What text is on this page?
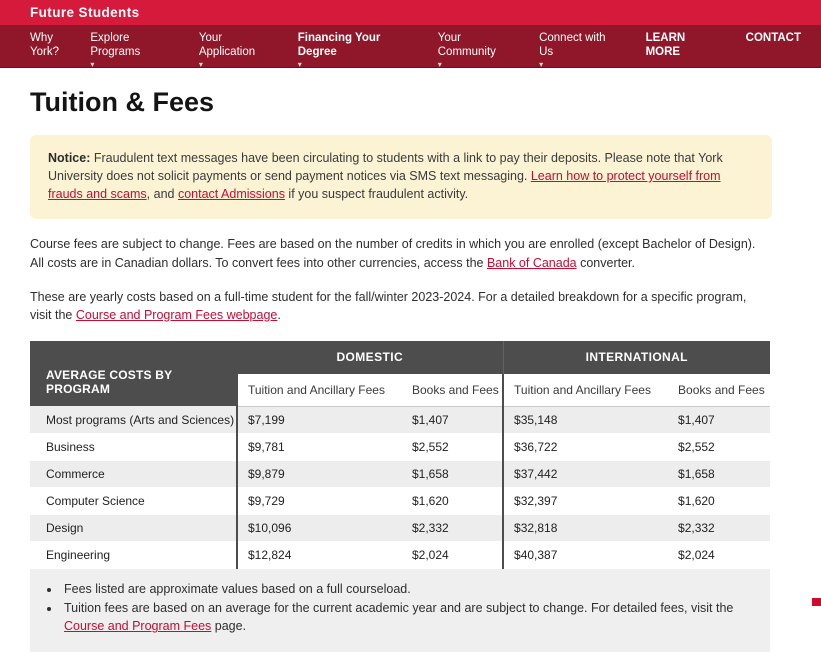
Future Students
Why York?
Explore Programs
▾
Your Application
▾
Financing Your Degree
▾
Your Community
▾
Connect with Us
▾
LEARN MORE
CONTACT
Tuition & Fees
Notice: Fraudulent text messages have been circulating to students with a link to pay their deposits. Please note that York University does not solicit payments or send payment notices via SMS text messaging. Learn how to protect yourself from frauds and scams, and contact Admissions if you suspect fraudulent activity.

Course fees are subject to change. Fees are based on the number of credits in which you are enrolled (except Bachelor of Design). All costs are in Canadian dollars. To convert fees into other currencies, access the Bank of Canada converter.

These are yearly costs based on a full-time student for the fall/winter 2023-2024. For a detailed breakdown for a specific program, visit the Course and Program Fees webpage.

AVERAGE COSTS BY PROGRAM	DOMESTIC		INTERNATIONAL	
	Tuition and Ancillary Fees	Books and Fees	Tuition and Ancillary Fees	Books and Fees
Most programs (Arts and Sciences)	$7,199	$1,407	$35,148	$1,407
Business	$9,781	$2,552	$36,722	$2,552
Commerce	$9,879	$1,658	$37,442	$1,658
Computer Science	$9,729	$1,620	$32,397	$1,620
Design	$10,096	$2,332	$32,818	$2,332
Engineering	$12,824	$2,024	$40,387	$2,024
• Fees listed are approximate values based on a full courseload.
• Tuition fees are based on an average for the current academic year and are subject to change. For detailed fees, visit the Course and Program Fees page.
